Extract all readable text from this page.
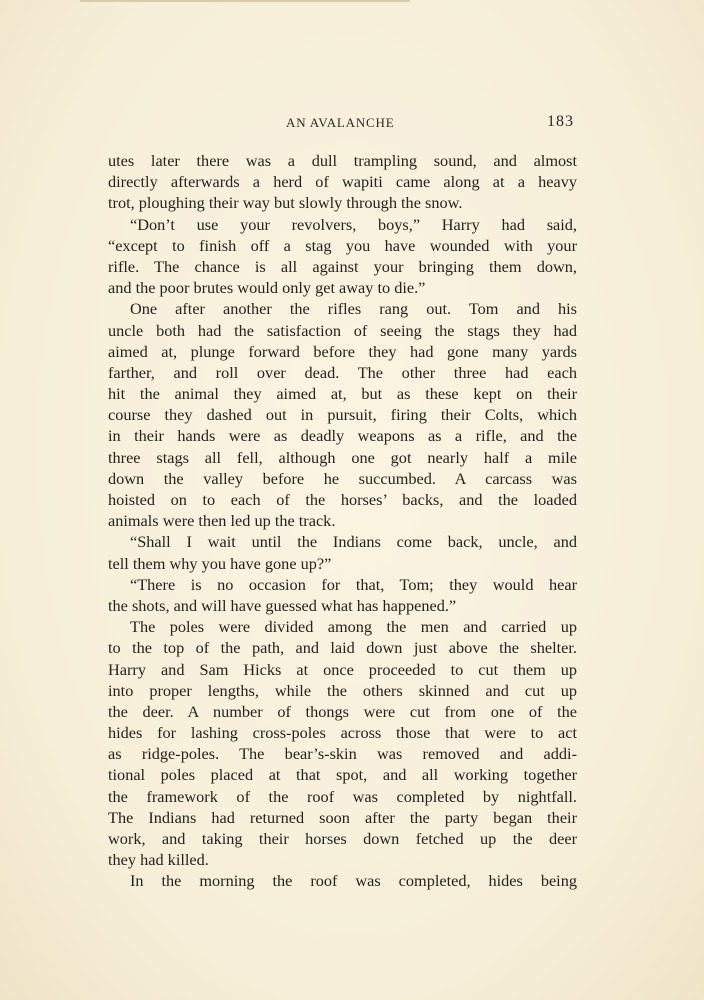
AN AVALANCHE	183
utes later there was a dull trampling sound, and almost
directly afterwards a herd of wapiti came along at a heavy
trot, ploughing their way but slowly through the snow.
“Don’t use your revolvers, boys,” Harry had said,
“except to finish off a stag you have wounded with your
rifle. The chance is all against your bringing them down,
and the poor brutes would only get away to die.”
One after another the rifles rang out. Tom and his
uncle both had the satisfaction of seeing the stags they had
aimed at, plunge forward before they had gone many yards
farther, and roll over dead. The other three had each
hit the animal they aimed at, but as these kept on their
course they dashed out in pursuit, firing their Colts, which
in their hands were as deadly weapons as a rifle, and the
three stags all fell, although one got nearly half a mile
down the valley before he succumbed. A carcass was
hoisted on to each of the horses’ backs, and the loaded
animals were then led up the track.
“Shall I wait until the Indians come back, uncle, and
tell them why you have gone up?”
“There is no occasion for that, Tom; they would hear
the shots, and will have guessed what has happened.”
The poles were divided among the men and carried up
to the top of the path, and laid down just above the shelter.
Harry and Sam Hicks at once proceeded to cut them up
into proper lengths, while the others skinned and cut up
the deer. A number of thongs were cut from one of the
hides for lashing cross-poles across those that were to act
as ridge-poles. The bear’s-skin was removed and addi-
tional poles placed at that spot, and all working together
the framework of the roof was completed by nightfall.
The Indians had returned soon after the party began their
work, and taking their horses down fetched up the deer
they had killed.
In the morning the roof was completed, hides being
